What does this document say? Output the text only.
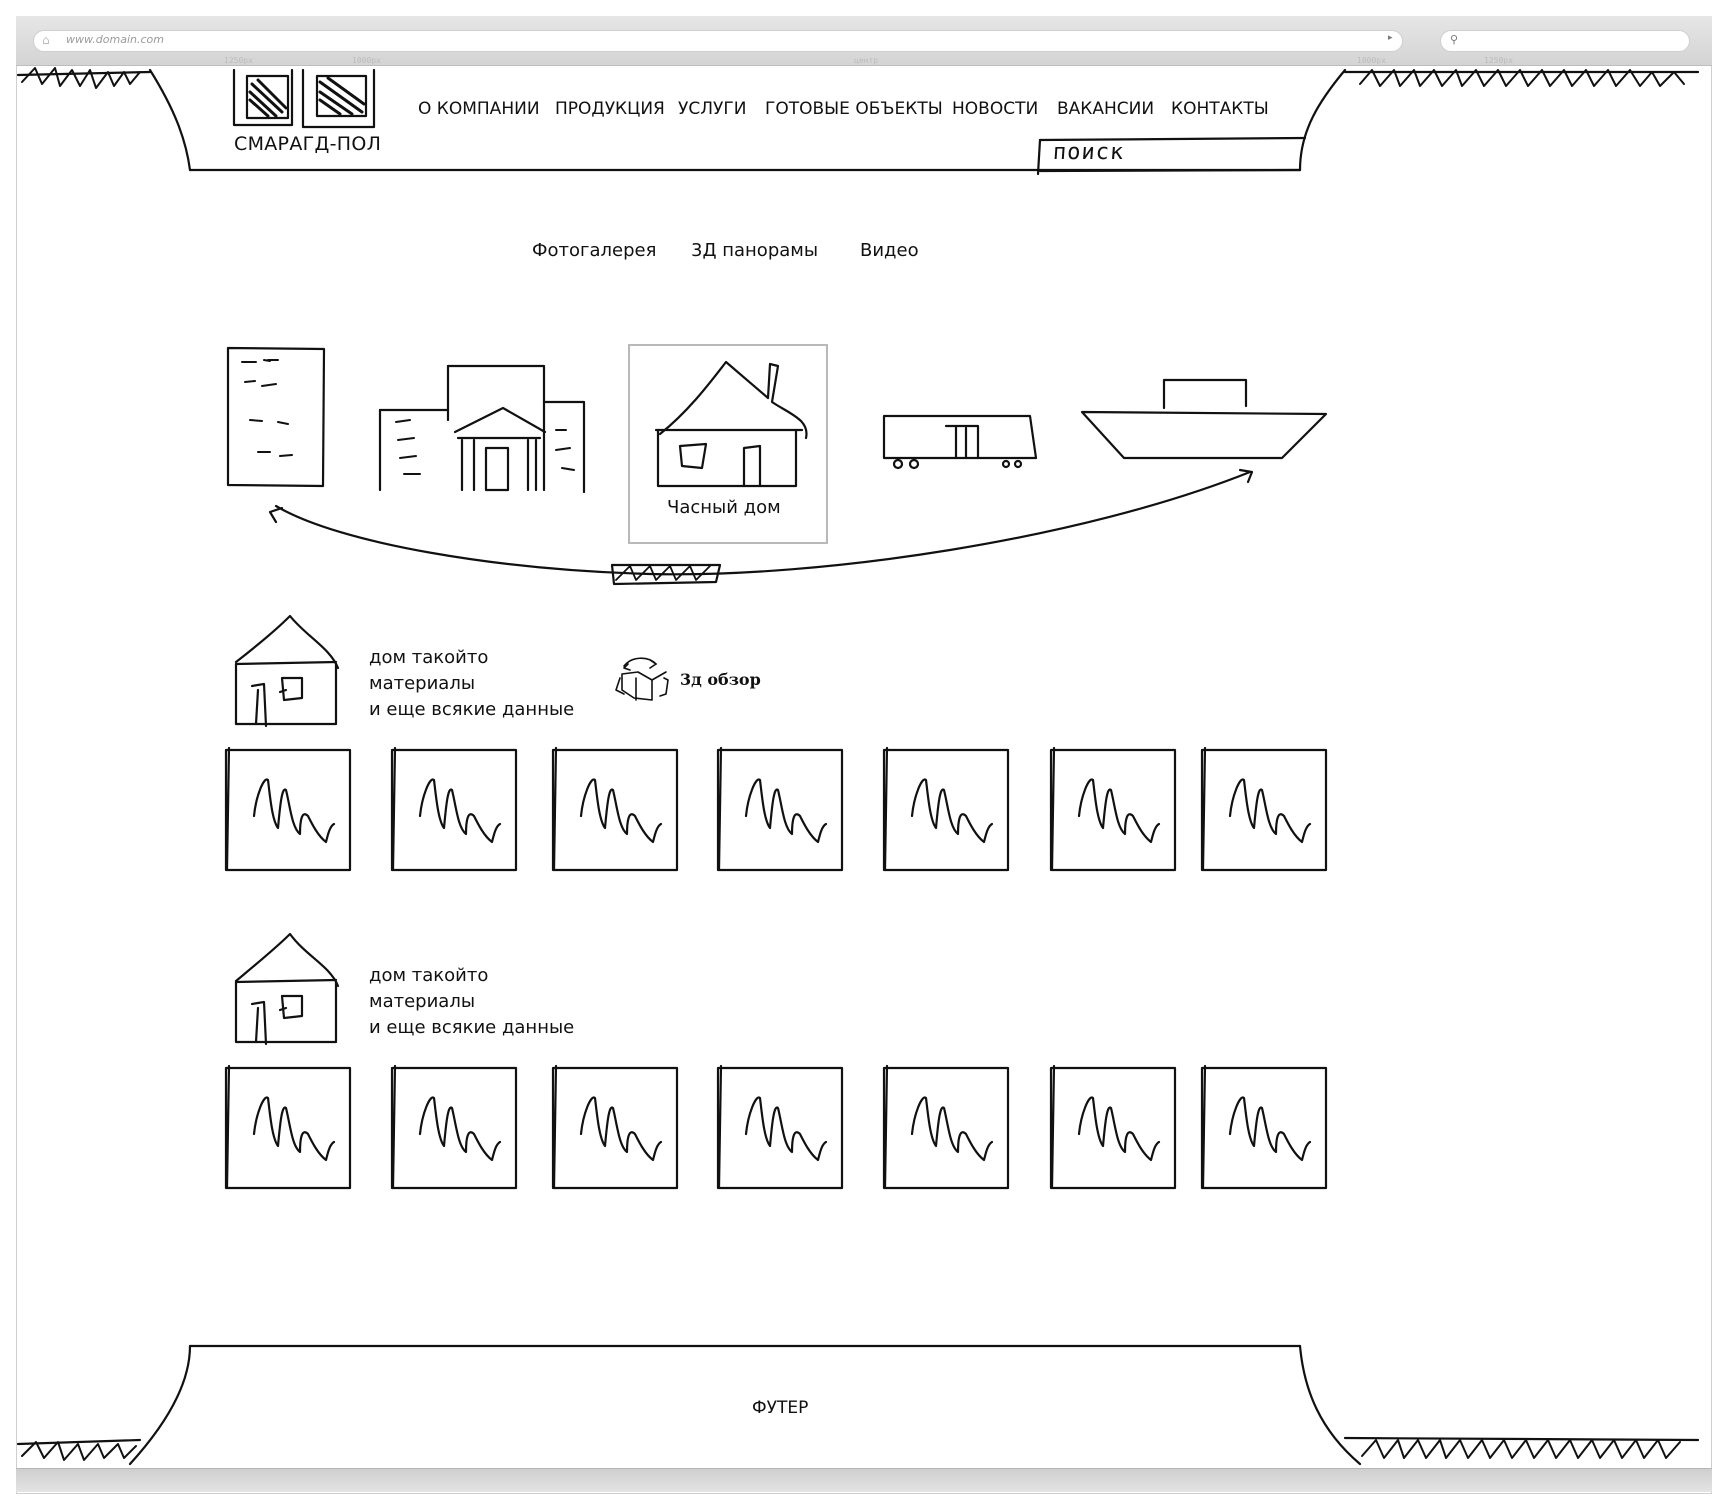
⌂ www.domain.com	▸	⚲
1250px	1000px	центр	1000px	1250px
СМАРАГД-ПОЛ
О КОМПАНИИ ПРОДУКЦИЯ УСЛУГИ ГОТОВЫЕ ОБЪЕКТЫ НОВОСТИ ВАКАНСИИ КОНТАКТЫ
поиск
Фотогалерея 3Д панорамы Видео
Часный дом
дом такойто
материалы
и еще всякие данные
3д обзор
дом такойто
материалы
и еще всякие данные
ФУТЕР
